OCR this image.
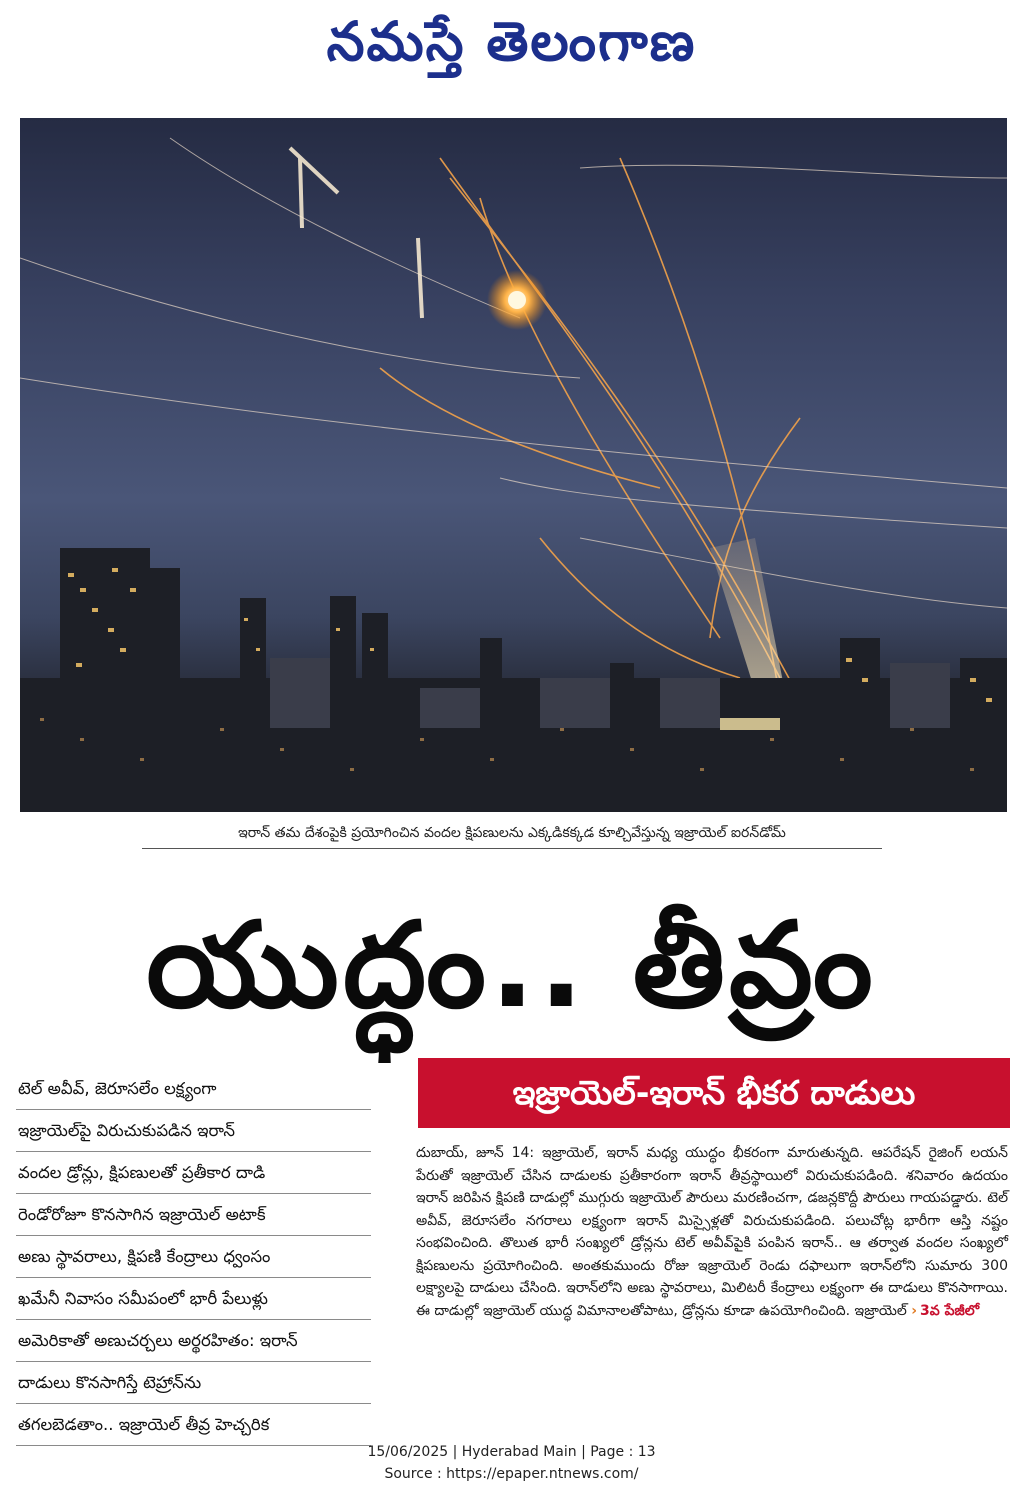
నమస్తే తెలంగాణ
ఇరాన్ తమ దేశంపైకి ప్రయోగించిన వందల క్షిపణులను ఎక్కడికక్కడ కూల్చివేస్తున్న ఇజ్రాయెల్ ఐరన్‌డోమ్
యుద్ధం.. తీవ్రం
టెల్ అవీవ్, జెరూసలేం లక్ష్యంగా
ఇజ్రాయెల్‌పై విరుచుకుపడిన ఇరాన్
వందల డ్రోన్లు, క్షిపణులతో ప్రతీకార దాడి
రెండోరోజూ కొనసాగిన ఇజ్రాయెల్ అటాక్
అణు స్థావరాలు, క్షిపణి కేంద్రాలు ధ్వంసం
ఖమేనీ నివాసం సమీపంలో భారీ పేలుళ్లు
అమెరికాతో అణుచర్చలు అర్థరహితం: ఇరాన్
దాడులు కొనసాగిస్తే టెహ్రాన్‌ను
తగలబెడతాం.. ఇజ్రాయెల్ తీవ్ర హెచ్చరిక
ఇజ్రాయెల్-ఇరాన్ భీకర దాడులు
దుబాయ్, జూన్ 14: ఇజ్రాయెల్, ఇరాన్ మధ్య యుద్ధం భీకరంగా మారుతున్నది. ఆపరేషన్ రైజింగ్ లయన్ పేరుతో ఇజ్రాయెల్ చేసిన దాడులకు ప్రతీకారంగా ఇరాన్ తీవ్రస్థాయిలో విరుచుకుపడింది. శనివారం ఉదయం ఇరాన్ జరిపిన క్షిపణి దాడుల్లో ముగ్గురు ఇజ్రాయెల్ పౌరులు మరణించగా, డజన్లకొద్దీ పౌరులు గాయపడ్డారు. టెల్ అవీవ్, జెరూసలేం నగరాలు లక్ష్యంగా ఇరాన్ మిస్సైళ్లతో విరుచుకుపడింది. పలుచోట్ల భారీగా ఆస్తి నష్టం సంభవించింది. తొలుత భారీ సంఖ్యలో డ్రోన్లను టెల్ అవీవ్‌పైకి పంపిన ఇరాన్.. ఆ తర్వాత వందల సంఖ్యలో క్షిపణులను ప్రయోగించింది. అంతకుముందు రోజు ఇజ్రాయెల్ రెండు దఫాలుగా ఇరాన్‌లోని సుమారు 300 లక్ష్యాలపై దాడులు చేసింది. ఇరాన్‌లోని అణు స్థావరాలు, మిలిటరీ కేంద్రాలు లక్ష్యంగా ఈ దాడులు కొనసాగాయి. ఈ దాడుల్లో ఇజ్రాయెల్ యుద్ధ విమానాలతోపాటు, డ్రోన్లను కూడా ఉపయోగించింది. ఇజ్రాయెల్ › 3వ పేజీలో
15/06/2025 | Hyderabad Main | Page : 13
Source : https://epaper.ntnews.com/
